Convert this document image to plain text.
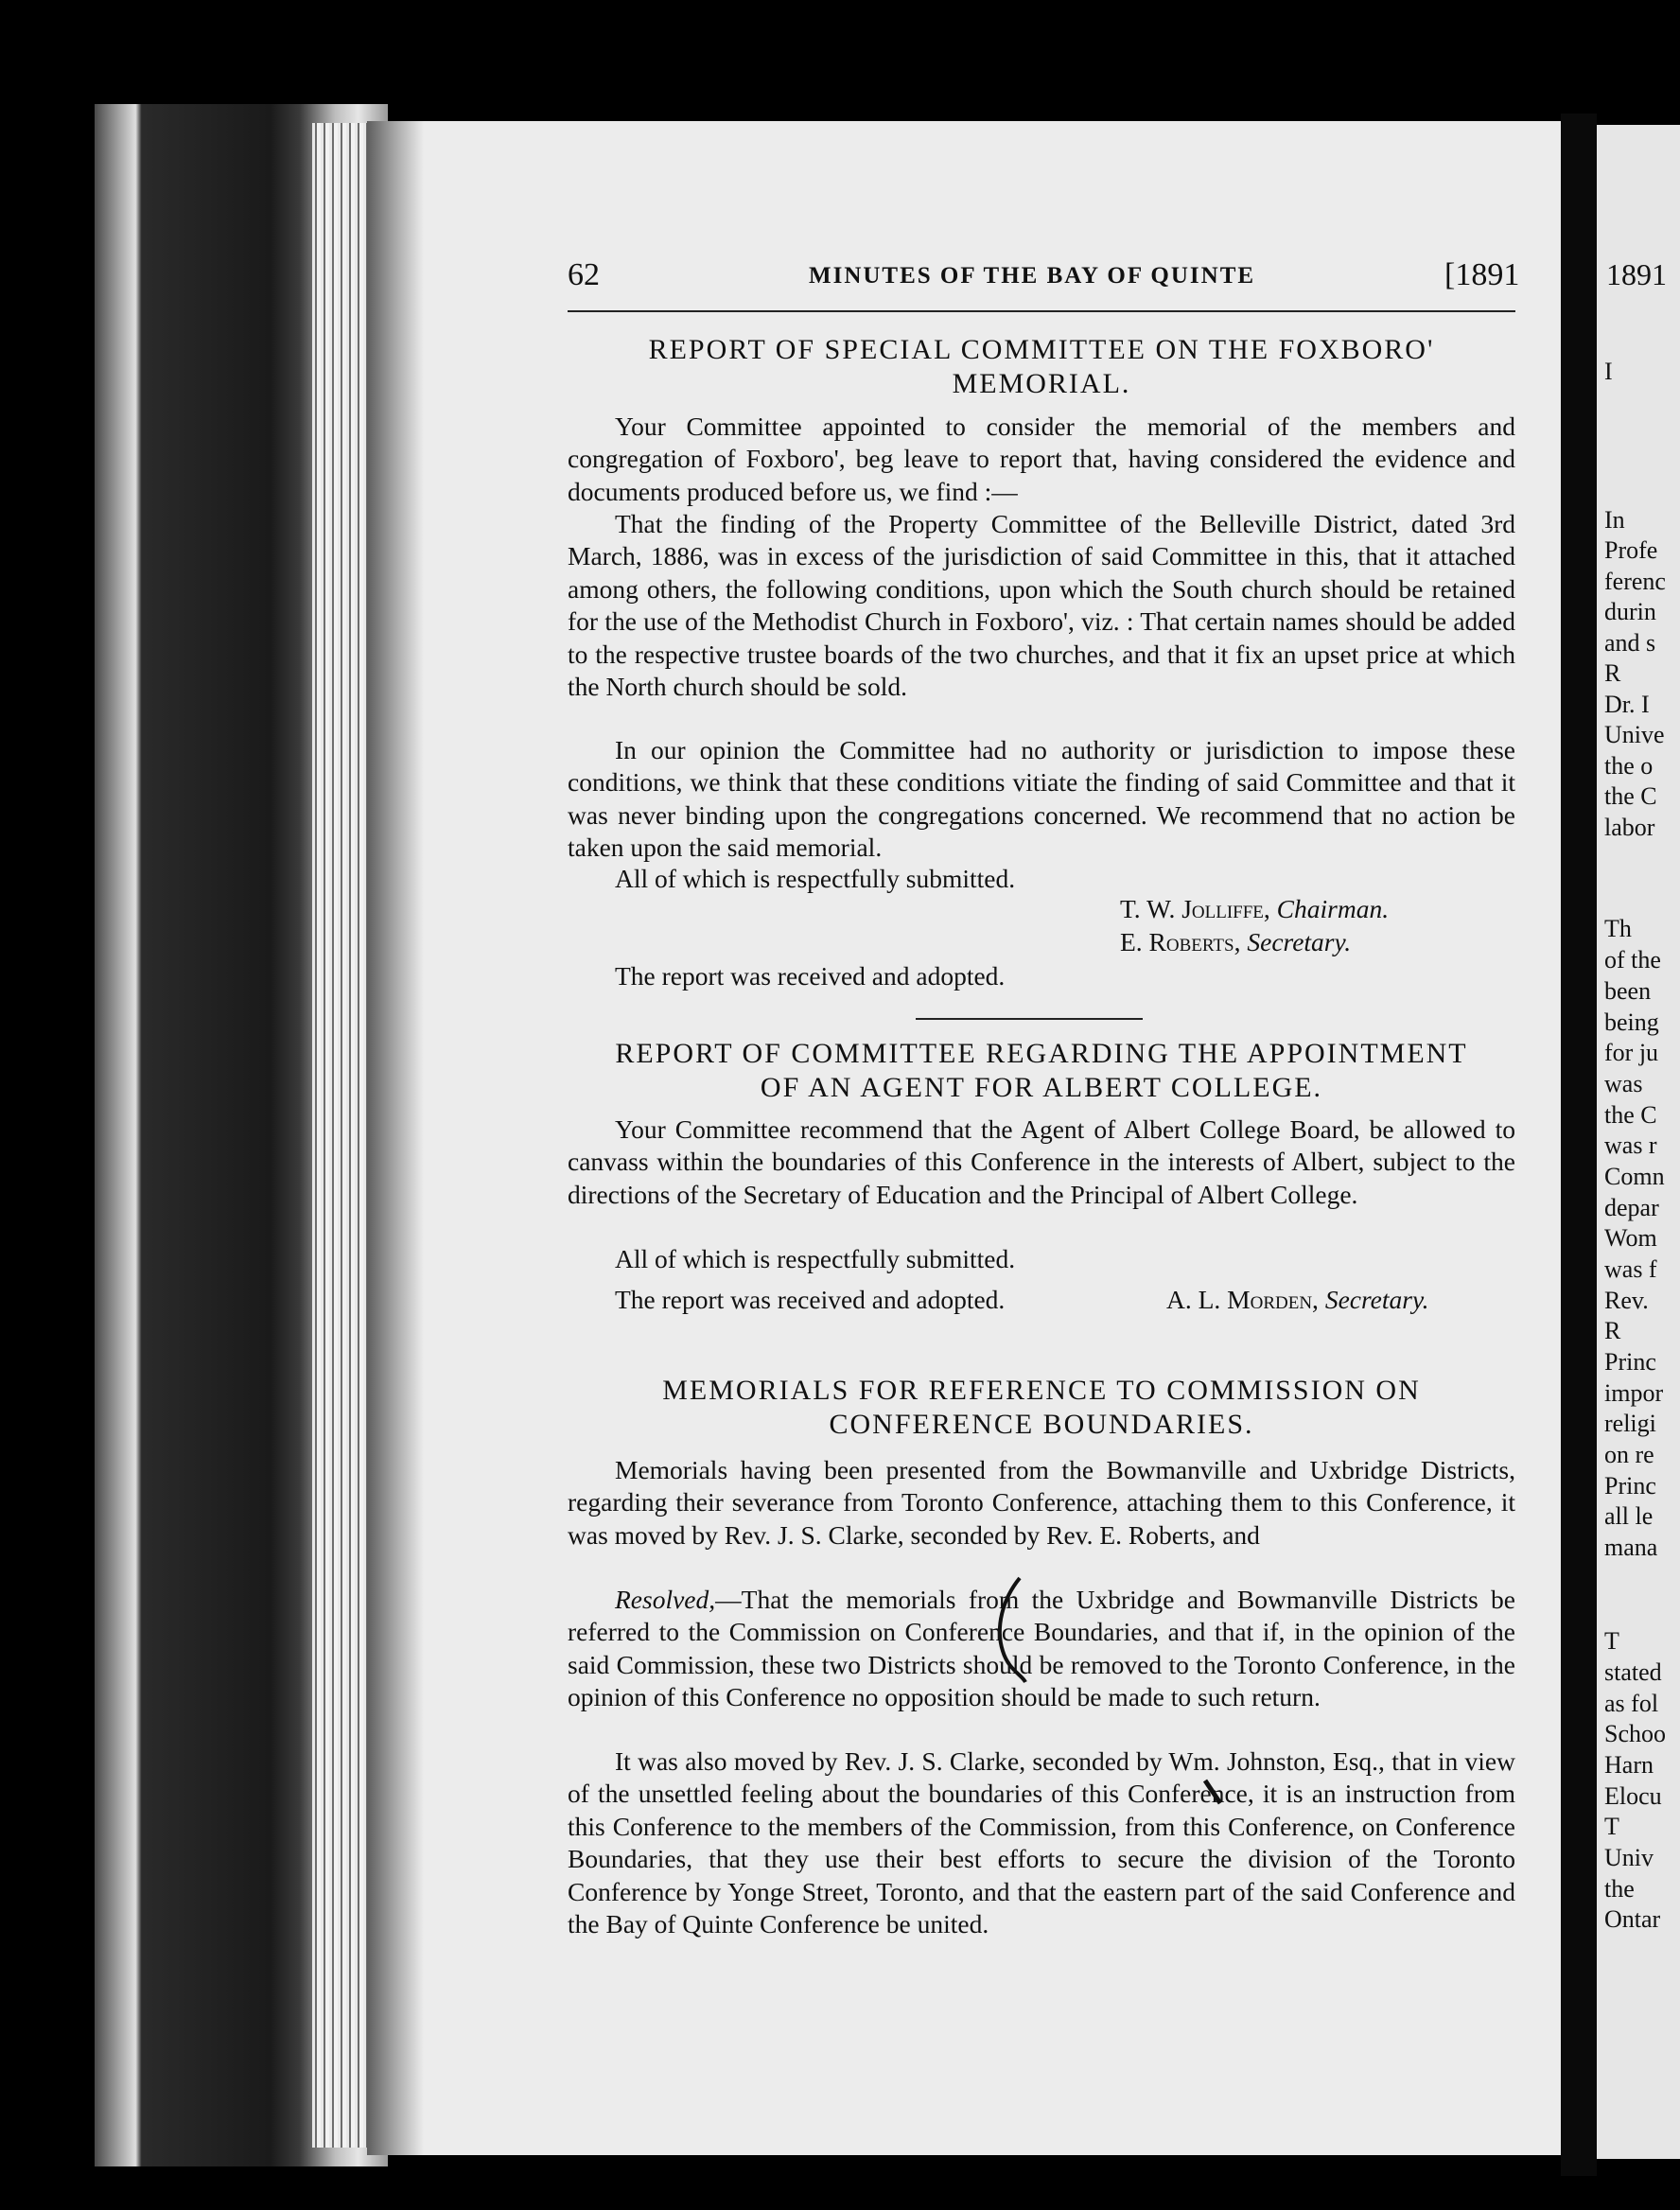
1891
I
In
Profe
ferenc
durin
and s
R
Dr. I
Unive
the o
the C
labor
Th
of the
been
being
for ju
was
the C
was r
Comn
depar
Wom
was f
Rev.
R
Princ
impor
religi
on re
Princ
all le
mana
T
stated
as fol
Schoo
Harn
Elocu
T
Univ
the
Ontar
62	MINUTES OF THE BAY OF QUINTE	[1891
REPORT OF SPECIAL COMMITTEE ON THE FOXBORO'
MEMORIAL.

Your Committee appointed to consider the memorial of the members and congregation of Foxboro', beg leave to report that, having considered the evidence and documents produced before us, we find :—

That the finding of the Property Committee of the Belleville District, dated 3rd March, 1886, was in excess of the jurisdiction of said Committee in this, that it attached among others, the following conditions, upon which the South church should be retained for the use of the Methodist Church in Foxboro', viz. : That certain names should be added to the respective trustee boards of the two churches, and that it fix an upset price at which the North church should be sold.

In our opinion the Committee had no authority or jurisdiction to impose these conditions, we think that these conditions vitiate the finding of said Committee and that it was never binding upon the congregations concerned. We recommend that no action be taken upon the said memorial.

All of which is respectfully submitted.

T. W. Jolliffe, Chairman.
E. Roberts, Secretary.

The report was received and adopted.

REPORT OF COMMITTEE REGARDING THE APPOINTMENT
OF AN AGENT FOR ALBERT COLLEGE.

Your Committee recommend that the Agent of Albert College Board, be allowed to canvass within the boundaries of this Conference in the interests of Albert, subject to the directions of the Secretary of Education and the Principal of Albert College.

All of which is respectfully submitted.

The report was received and adopted.	A. L. Morden, Secretary.
MEMORIALS FOR REFERENCE TO COMMISSION ON
CONFERENCE BOUNDARIES.

Memorials having been presented from the Bowmanville and Uxbridge Districts, regarding their severance from Toronto Conference, attaching them to this Conference, it was moved by Rev. J. S. Clarke, seconded by Rev. E. Roberts, and

Resolved,—That the memorials from the Uxbridge and Bowmanville Districts be referred to the Commission on Conference Boundaries, and that if, in the opinion of the said Commission, these two Districts should be removed to the Toronto Conference, in the opinion of this Conference no opposition should be made to such return.

It was also moved by Rev. J. S. Clarke, seconded by Wm. Johnston, Esq., that in view of the unsettled feeling about the boundaries of this Conference, it is an instruction from this Conference to the members of the Commission, from this Conference, on Conference Boundaries, that they use their best efforts to secure the division of the Toronto Conference by Yonge Street, Toronto, and that the eastern part of the said Conference and the Bay of Quinte Conference be united.
